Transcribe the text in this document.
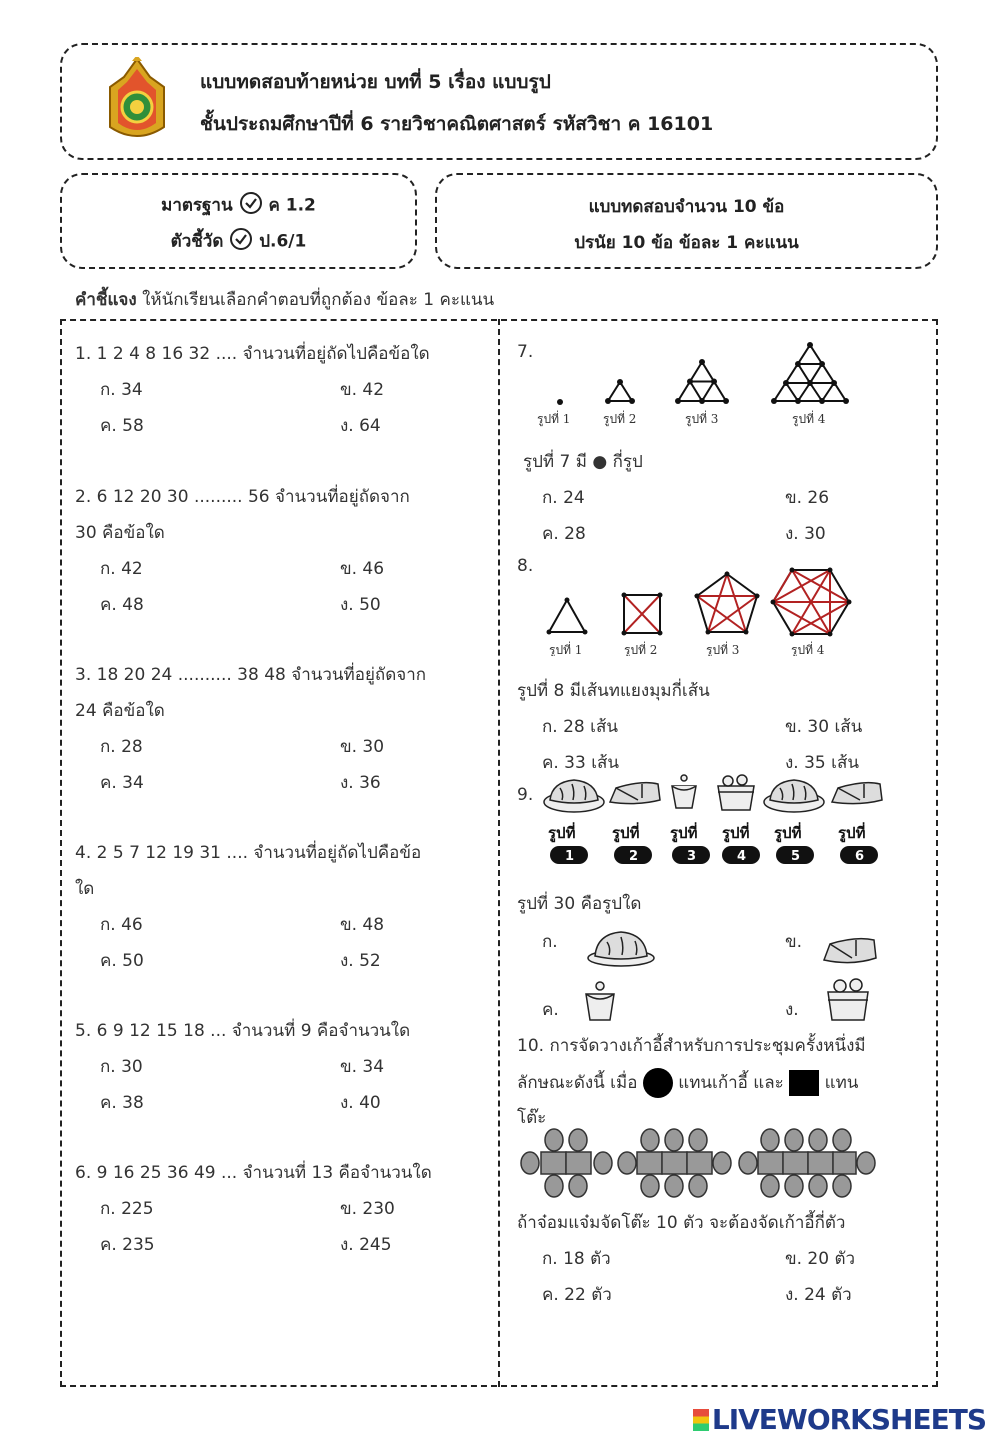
แบบทดสอบท้ายหน่วย บทที่ 5 เรื่อง แบบรูป
ชั้นประถมศึกษาปีที่ 6 รายวิชาคณิตศาสตร์ รหัสวิชา ค 16101
มาตรฐาน ค 1.2
ตัวชี้วัด ป.6/1
แบบทดสอบจำนวน 10 ข้อ
ปรนัย 10 ข้อ ข้อละ 1 คะแนน
คำชี้แจง ให้นักเรียนเลือกคำตอบที่ถูกต้อง ข้อละ 1 คะแนน
1. 1 2 4 8 16 32 .... จำนวนที่อยู่ถัดไปคือข้อใด
ก. 34	ข. 42
ค. 58	ง. 64
2. 6 12 20 30 ......... 56 จำนวนที่อยู่ถัดจาก
30 คือข้อใด
ก. 42	ข. 46
ค. 48	ง. 50
3. 18 20 24 .......... 38 48 จำนวนที่อยู่ถัดจาก
24 คือข้อใด
ก. 28	ข. 30
ค. 34	ง. 36
4. 2 5 7 12 19 31 .... จำนวนที่อยู่ถัดไปคือข้อ
ใด
ก. 46	ข. 48
ค. 50	ง. 52
5. 6 9 12 15 18 ... จำนวนที่ 9 คือจำนวนใด
ก. 30	ข. 34
ค. 38	ง. 40
6. 9 16 25 36 49 ... จำนวนที่ 13 คือจำนวนใด
ก. 225	ข. 230
ค. 235	ง. 245
7.
รูปที่ 1	รูปที่ 2	รูปที่ 3	รูปที่ 4
รูปที่ 7 มี ● กี่รูป
ก. 24	ข. 26
ค. 28	ง. 30
8.
รูปที่ 1	รูปที่ 2	รูปที่ 3	รูปที่ 4
รูปที่ 8 มีเส้นทแยงมุมกี่เส้น
ก. 28 เส้น	ข. 30 เส้น
ค. 33 เส้น	ง. 35 เส้น
9.
รูปที่ รูปที่ รูปที่ รูปที่ รูปที่ รูปที่
1	2	3	4	5	6
รูปที่ 30 คือรูปใด
ก.	ข.
ค.	ง.
10. การจัดวางเก้าอี้สำหรับการประชุมครั้งหนึ่งมี
ลักษณะดังนี้ เมื่อ  แทนเก้าอี้ และ  แทน
โต๊ะ
ถ้าจ๋อมแจ๋มจัดโต๊ะ 10 ตัว จะต้องจัดเก้าอี้กี่ตัว
ก. 18 ตัว	ข. 20 ตัว
ค. 22 ตัว	ง. 24 ตัว
LIVEWORKSHEETS
